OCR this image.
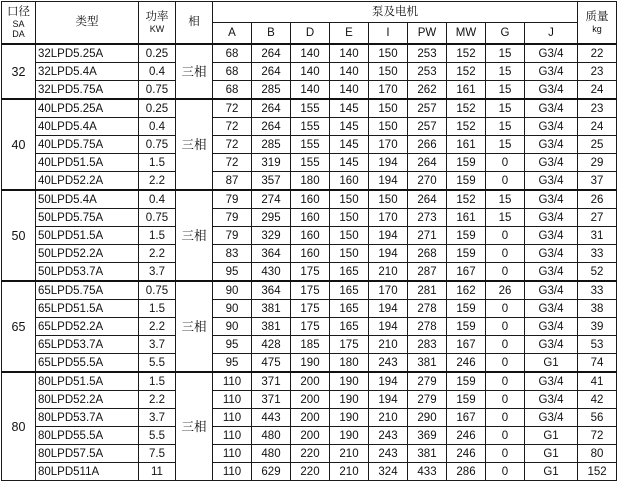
口径
SA
DA	类型	功率
KW	相	泵及电机									质量
kg

				A	B	D	E	I	PW	MW	G	J	
32	32LPD5.25A	0.25	三相	68	264	140	140	150	253	152	15	G3/4	22
	32LPD5.4A	0.4		68	264	140	140	150	253	152	15	G3/4	23
	32LPD5.75A	0.75		68	285	140	140	170	262	161	15	G3/4	24
40	40LPD5.25A	0.25	三相	72	264	155	145	150	257	152	15	G3/4	23
	40LPD5.4A	0.4		72	264	155	145	150	257	152	15	G3/4	24
	40LPD5.75A	0.75		72	285	155	145	170	266	161	15	G3/4	25
	40LPD51.5A	1.5		72	319	155	145	194	264	159	0	G3/4	29
	40LPD52.2A	2.2		87	357	180	160	194	270	159	0	G3/4	37
50	50LPD5.4A	0.4	三相	79	274	160	150	150	264	152	15	G3/4	26
	50LPD5.75A	0.75		79	295	160	150	170	273	161	15	G3/4	27
	50LPD51.5A	1.5		79	329	160	150	194	271	159	0	G3/4	31
	50LPD52.2A	2.2		83	364	160	150	194	268	159	0	G3/4	33
	50LPD53.7A	3.7		95	430	175	165	210	287	167	0	G3/4	52
65	65LPD5.75A	0.75	三相	90	364	175	165	170	281	162	26	G3/4	33
	65LPD51.5A	1.5		90	381	175	165	194	278	159	0	G3/4	38
	65LPD52.2A	2.2		90	381	175	165	194	278	159	0	G3/4	39
	65LPD53.7A	3.7		95	428	185	175	210	283	167	0	G3/4	53
	65LPD55.5A	5.5		95	475	190	180	243	381	246	0	G1	74
80	80LPD51.5A	1.5	三相	110	371	200	190	194	279	159	0	G3/4	41
	80LPD52.2A	2.2		110	371	200	190	194	279	159	0	G3/4	42
	80LPD53.7A	3.7		110	443	200	190	210	290	167	0	G3/4	56
	80LPD55.5A	5.5		110	480	200	190	243	369	246	0	G1	72
	80LPD57.5A	7.5		110	480	220	210	243	381	246	0	G1	80
	80LPD511A	11		110	629	220	210	324	433	286	0	G1	152
